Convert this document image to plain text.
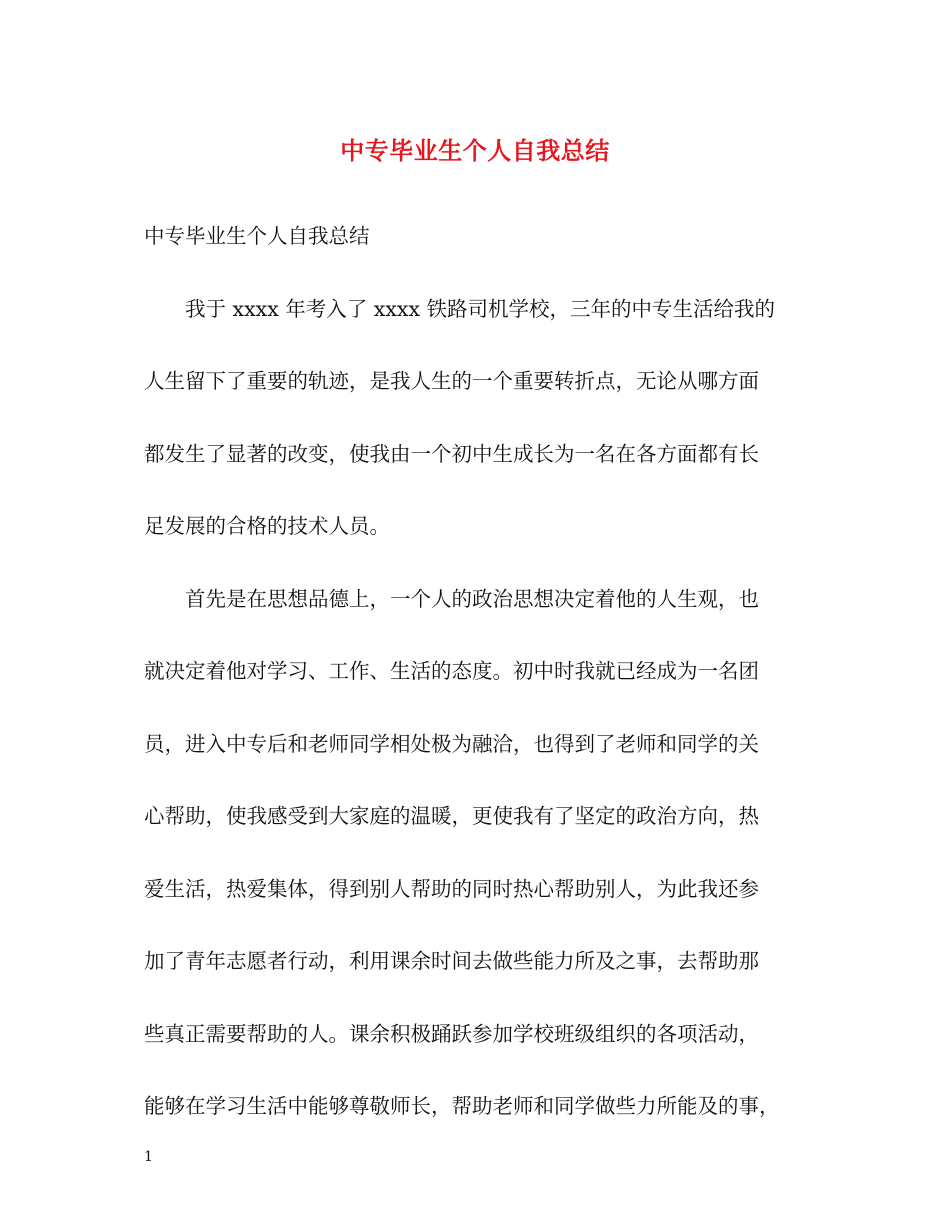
中专毕业生个人自我总结
中专毕业生个人自我总结
我于 xxxx 年考入了 xxxx 铁路司机学校，三年的中专生活给我的
人生留下了重要的轨迹，是我人生的一个重要转折点，无论从哪方面
都发生了显著的改变，使我由一个初中生成长为一名在各方面都有长
足发展的合格的技术人员。
首先是在思想品德上，一个人的政治思想决定着他的人生观，也
就决定着他对学习、工作、生活的态度。初中时我就已经成为一名团
员，进入中专后和老师同学相处极为融洽，也得到了老师和同学的关
心帮助，使我感受到大家庭的温暖，更使我有了坚定的政治方向，热
爱生活，热爱集体，得到别人帮助的同时热心帮助别人，为此我还参
加了青年志愿者行动，利用课余时间去做些能力所及之事，去帮助那
些真正需要帮助的人。课余积极踊跃参加学校班级组织的各项活动，
能够在学习生活中能够尊敬师长，帮助老师和同学做些力所能及的事，
1
